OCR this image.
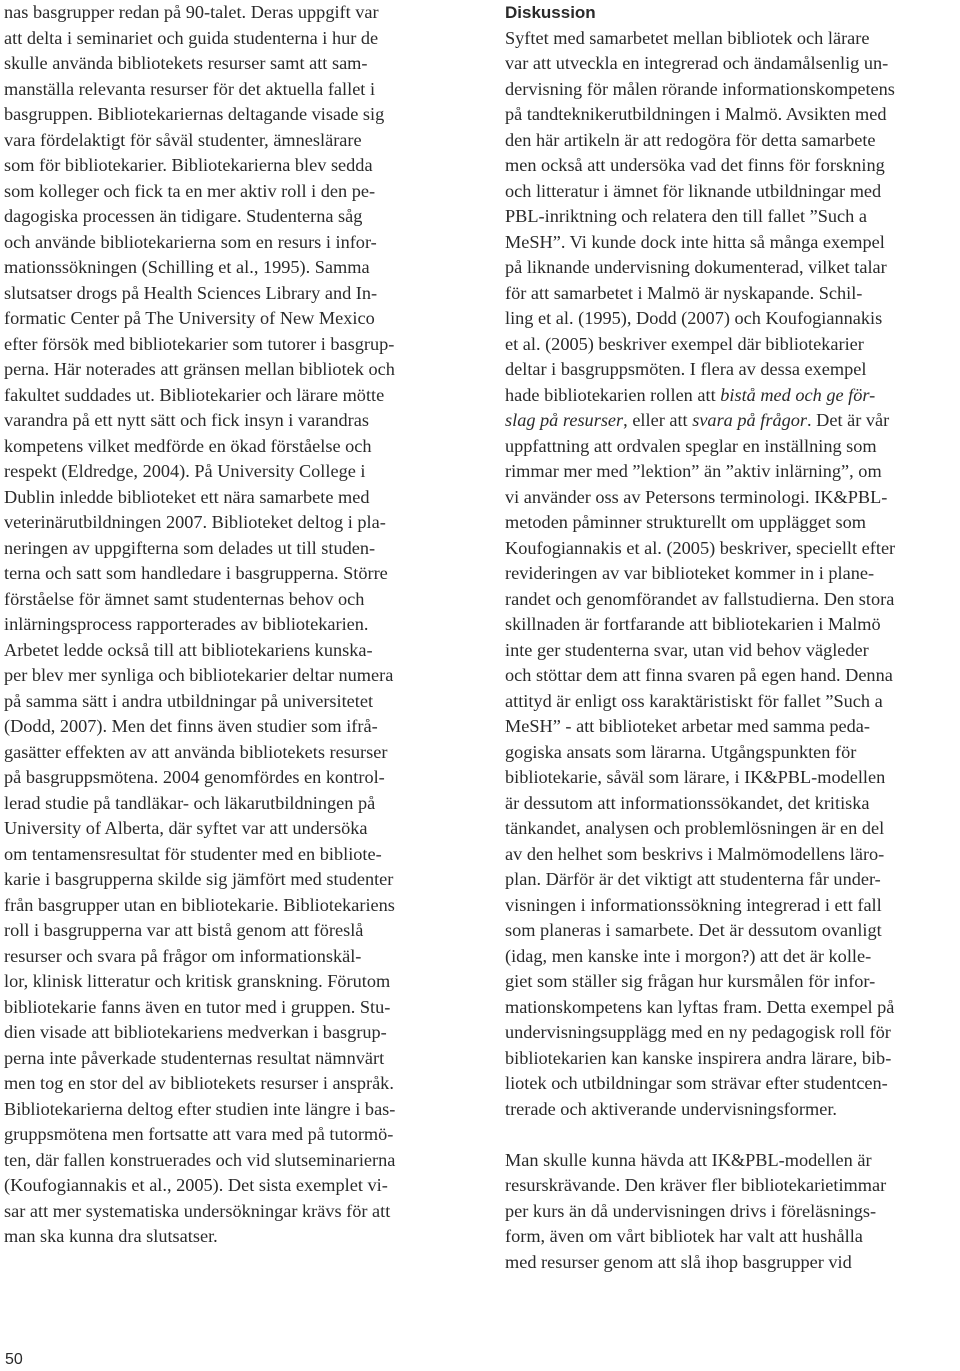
nas basgrupper redan på 90-talet. Deras uppgift var
att delta i seminariet och guida studenterna i hur de
skulle använda bibliotekets resurser samt att sam-
manställa relevanta resurser för det aktuella fallet i
basgruppen. Bibliotekariernas deltagande visade sig
vara fördelaktigt för såväl studenter, ämneslärare
som för bibliotekarier. Bibliotekarierna blev sedda
som kolleger och fick ta en mer aktiv roll i den pe-
dagogiska processen än tidigare. Studenterna såg
och använde bibliotekarierna som en resurs i infor-
mationssökningen (Schilling et al., 1995). Samma
slutsatser drogs på Health Sciences Library and In-
formatic Center på The University of New Mexico
efter försök med bibliotekarier som tutorer i basgrup-
perna. Här noterades att gränsen mellan bibliotek och
fakultet suddades ut. Bibliotekarier och lärare mötte
varandra på ett nytt sätt och fick insyn i varandras
kompetens vilket medförde en ökad förståelse och
respekt (Eldredge, 2004). På University College i
Dublin inledde biblioteket ett nära samarbete med
veterinärutbildningen 2007. Biblioteket deltog i pla-
neringen av uppgifterna som delades ut till studen-
terna och satt som handledare i basgrupperna. Större
förståelse för ämnet samt studenternas behov och
inlärningsprocess rapporterades av bibliotekarien.
Arbetet ledde också till att bibliotekariens kunska-
per blev mer synliga och bibliotekarier deltar numera
på samma sätt i andra utbildningar på universitetet
(Dodd, 2007). Men det finns även studier som ifrå-
gasätter effekten av att använda bibliotekets resurser
på basgruppsmötena. 2004 genomfördes en kontrol-
lerad studie på tandläkar- och läkarutbildningen på
University of Alberta, där syftet var att undersöka
om tentamensresultat för studenter med en bibliote-
karie i basgrupperna skilde sig jämfört med studenter
från basgrupper utan en bibliotekarie. Bibliotekariens
roll i basgrupperna var att bistå genom att föreslå
resurser och svara på frågor om informationskäl-
lor, klinisk litteratur och kritisk granskning. Förutom
bibliotekarie fanns även en tutor med i gruppen. Stu-
dien visade att bibliotekariens medverkan i basgrup-
perna inte påverkade studenternas resultat nämnvärt
men tog en stor del av bibliotekets resurser i anspråk.
Bibliotekarierna deltog efter studien inte längre i bas-
gruppsmötena men fortsatte att vara med på tutormö-
ten, där fallen konstruerades och vid slutseminarierna
(Koufogiannakis et al., 2005). Det sista exemplet vi-
sar att mer systematiska undersökningar krävs för att
man ska kunna dra slutsatser.
Diskussion
Syftet med samarbetet mellan bibliotek och lärare
var att utveckla en integrerad och ändamålsenlig un-
dervisning för målen rörande informationskompetens
på tandteknikerutbildningen i Malmö. Avsikten med
den här artikeln är att redogöra för detta samarbete
men också att undersöka vad det finns för forskning
och litteratur i ämnet för liknande utbildningar med
PBL-inriktning och relatera den till fallet ”Such a
MeSH”. Vi kunde dock inte hitta så många exempel
på liknande undervisning dokumenterad, vilket talar
för att samarbetet i Malmö är nyskapande. Schil-
ling et al. (1995), Dodd (2007) och Koufogiannakis
et al. (2005) beskriver exempel där bibliotekarier
deltar i basgruppsmöten. I flera av dessa exempel
hade bibliotekarien rollen att bistå med och ge för-
slag på resurser, eller att svara på frågor. Det är vår
uppfattning att ordvalen speglar en inställning som
rimmar mer med ”lektion” än ”aktiv inlärning”, om
vi använder oss av Petersons terminologi. IK&PBL-
metoden påminner strukturellt om upplägget som
Koufogiannakis et al. (2005) beskriver, speciellt efter
revideringen av var biblioteket kommer in i plane-
randet och genomförandet av fallstudierna. Den stora
skillnaden är fortfarande att bibliotekarien i Malmö
inte ger studenterna svar, utan vid behov vägleder
och stöttar dem att finna svaren på egen hand. Denna
attityd är enligt oss karaktäristiskt för fallet ”Such a
MeSH” - att biblioteket arbetar med samma peda-
gogiska ansats som lärarna. Utgångspunkten för
bibliotekarie, såväl som lärare, i IK&PBL-modellen
är dessutom att informationssökandet, det kritiska
tänkandet, analysen och problemlösningen är en del
av den helhet som beskrivs i Malmömodellens läro-
plan. Därför är det viktigt att studenterna får under-
visningen i informationssökning integrerad i ett fall
som planeras i samarbete. Det är dessutom ovanligt
(idag, men kanske inte i morgon?) att det är kolle-
giet som ställer sig frågan hur kursmålen för infor-
mationskompetens kan lyftas fram. Detta exempel på
undervisningsupplägg med en ny pedagogisk roll för
bibliotekarien kan kanske inspirera andra lärare, bib-
liotek och utbildningar som strävar efter studentcen-
trerade och aktiverande undervisningsformer.
Man skulle kunna hävda att IK&PBL-modellen är
resurskrävande. Den kräver fler bibliotekarietimmar
per kurs än då undervisningen drivs i föreläsnings-
form, även om vårt bibliotek har valt att hushålla
med resurser genom att slå ihop basgrupper vid
50
